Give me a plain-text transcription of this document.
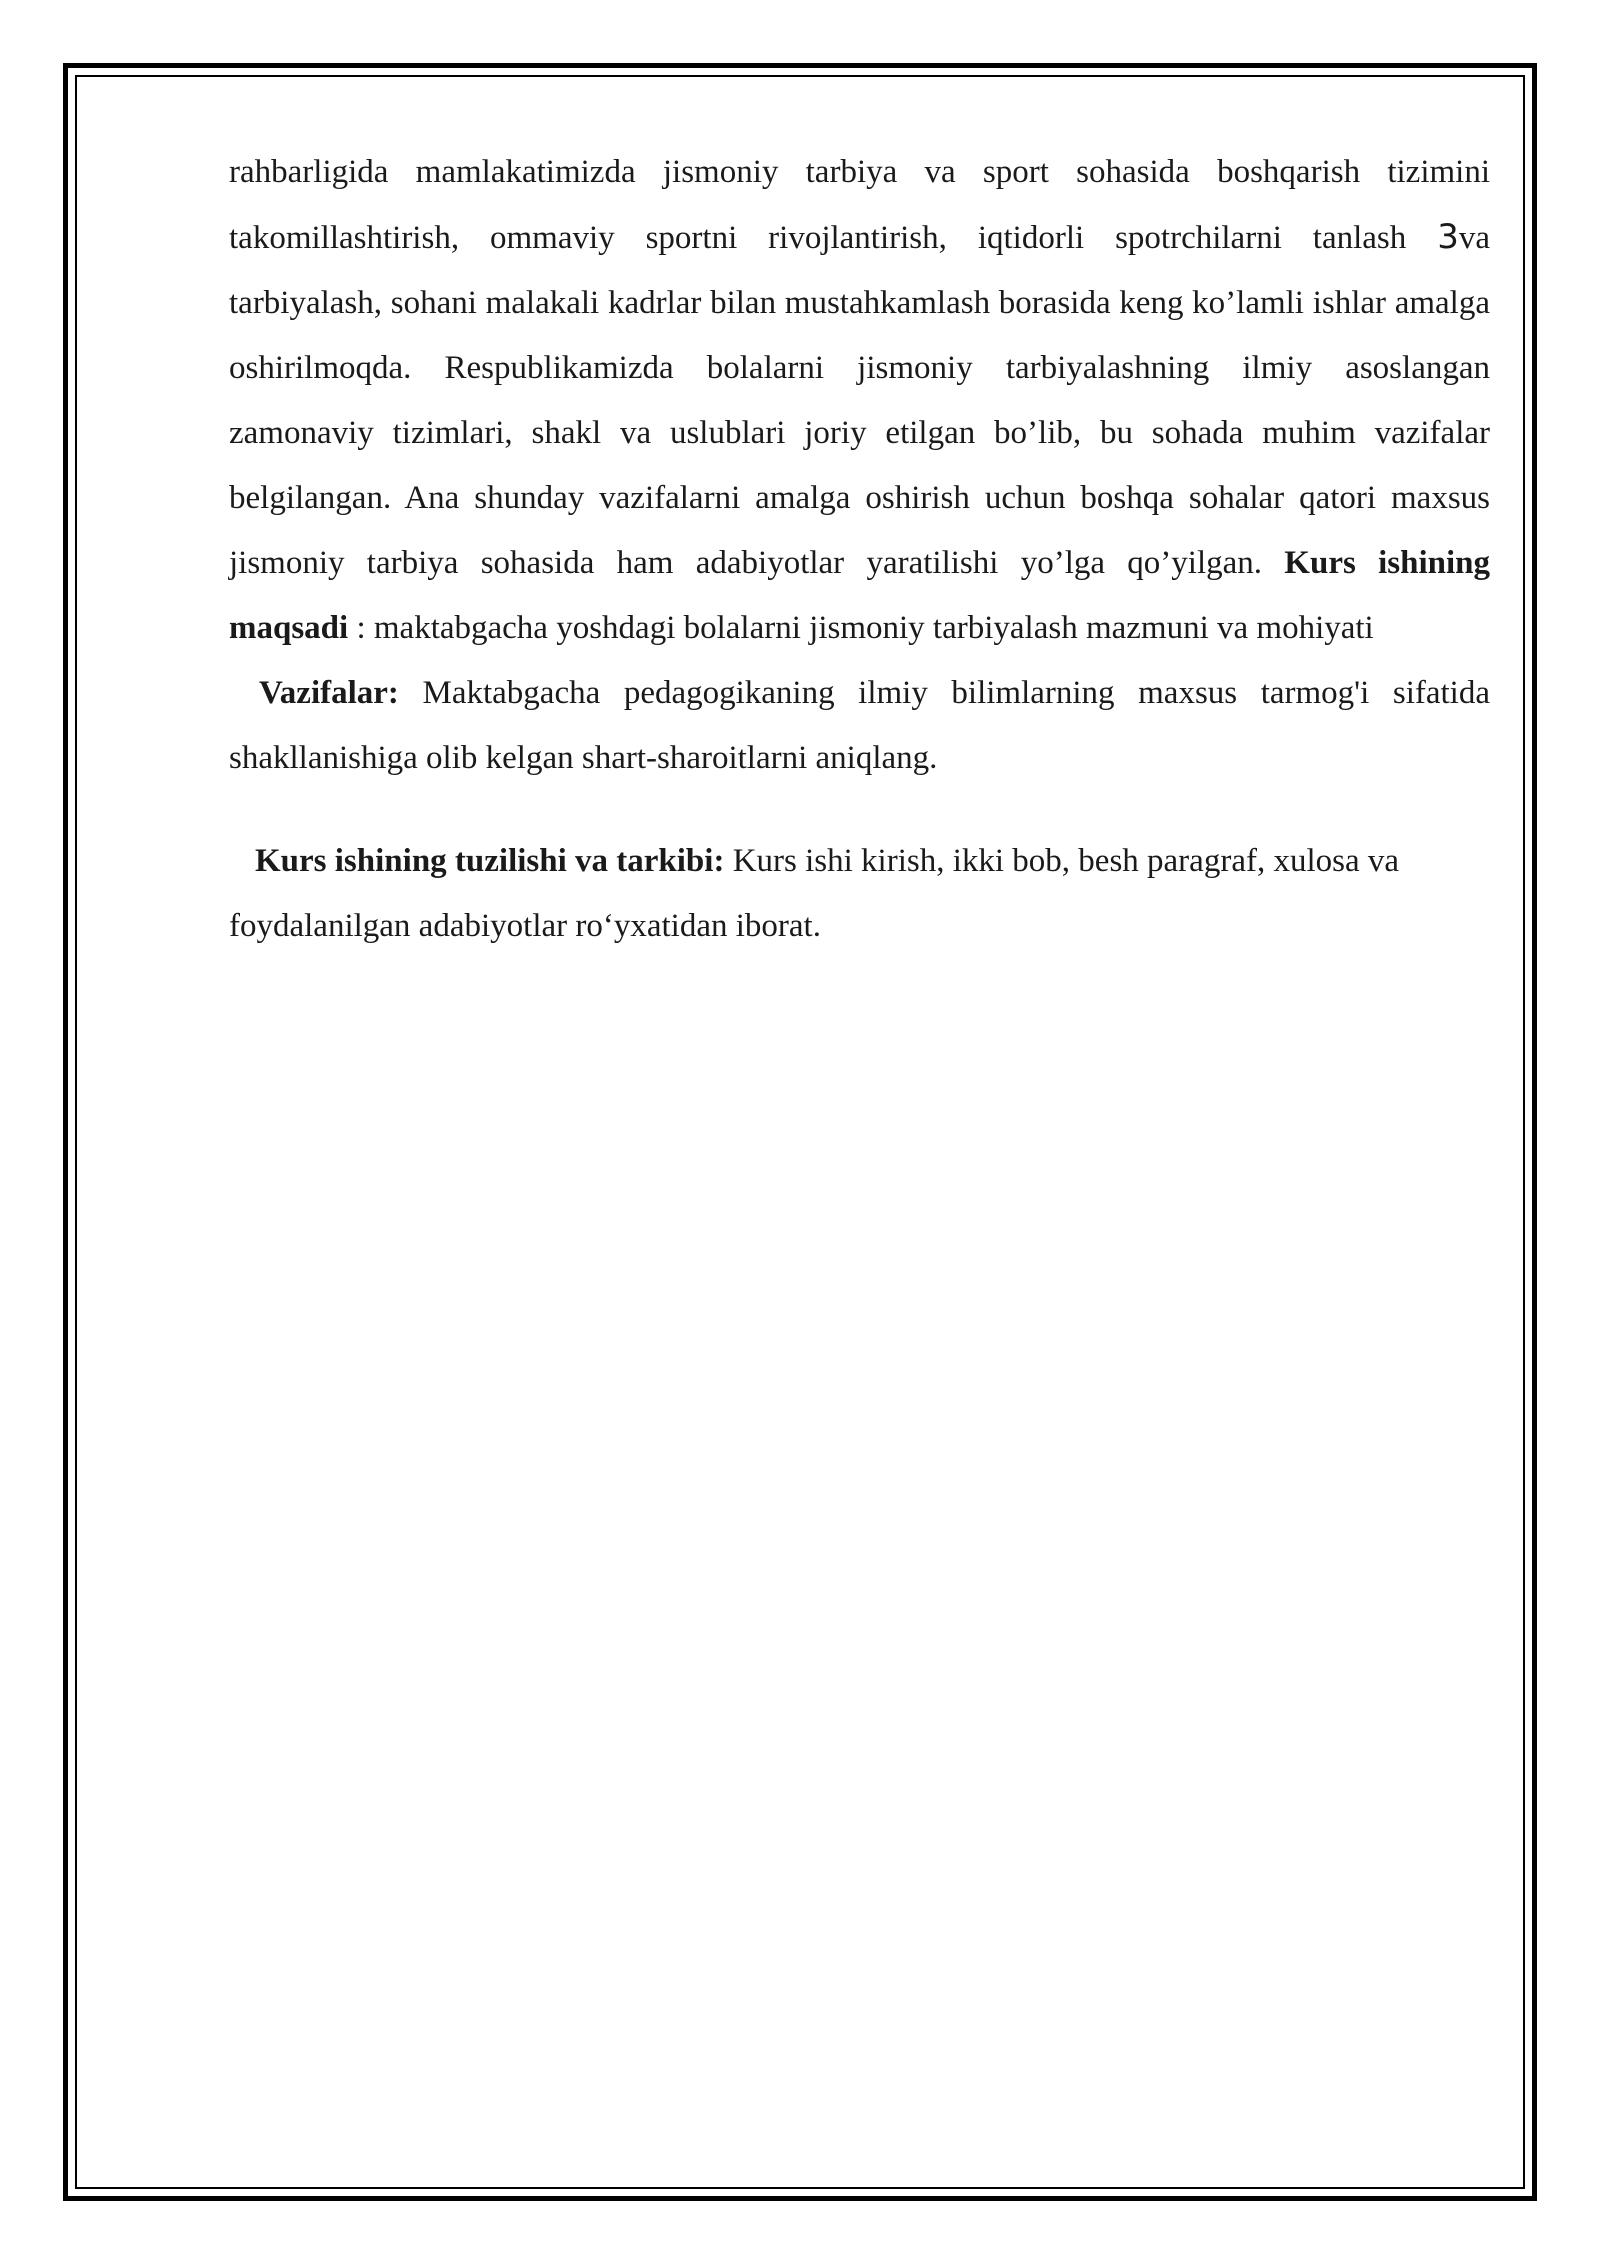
rahbarligida mamlakatimizda jismoniy tarbiya va sport sohasida boshqarish tizimini takomillashtirish, ommaviy sportni rivojlantirish, iqtidorli spotrchilarni tanlash 3va tarbiyalash, sohani malakali kadrlar bilan mustahkamlash borasida keng ko’lamli ishlar amalga oshirilmoqda. Respublikamizda bolalarni jismoniy tarbiyalashning ilmiy asoslangan zamonaviy tizimlari, shakl va uslublari joriy etilgan bo’lib, bu sohada muhim vazifalar belgilangan. Ana shunday vazifalarni amalga oshirish uchun boshqa sohalar qatori maxsus jismoniy tarbiya sohasida ham adabiyotlar yaratilishi yo’lga qo’yilgan. Kurs ishining maqsadi : maktabgacha yoshdagi bolalarni jismoniy tarbiyalash mazmuni va mohiyati

Vazifalar: Maktabgacha pedagogikaning ilmiy bilimlarning maxsus tarmog'i sifatida shakllanishiga olib kelgan shart-sharoitlarni aniqlang.

Kurs ishining tuzilishi va tarkibi: Kurs ishi kirish, ikki bob, besh paragraf, xulosa va foydalanilgan adabiyotlar ro‘yxatidan iborat.
